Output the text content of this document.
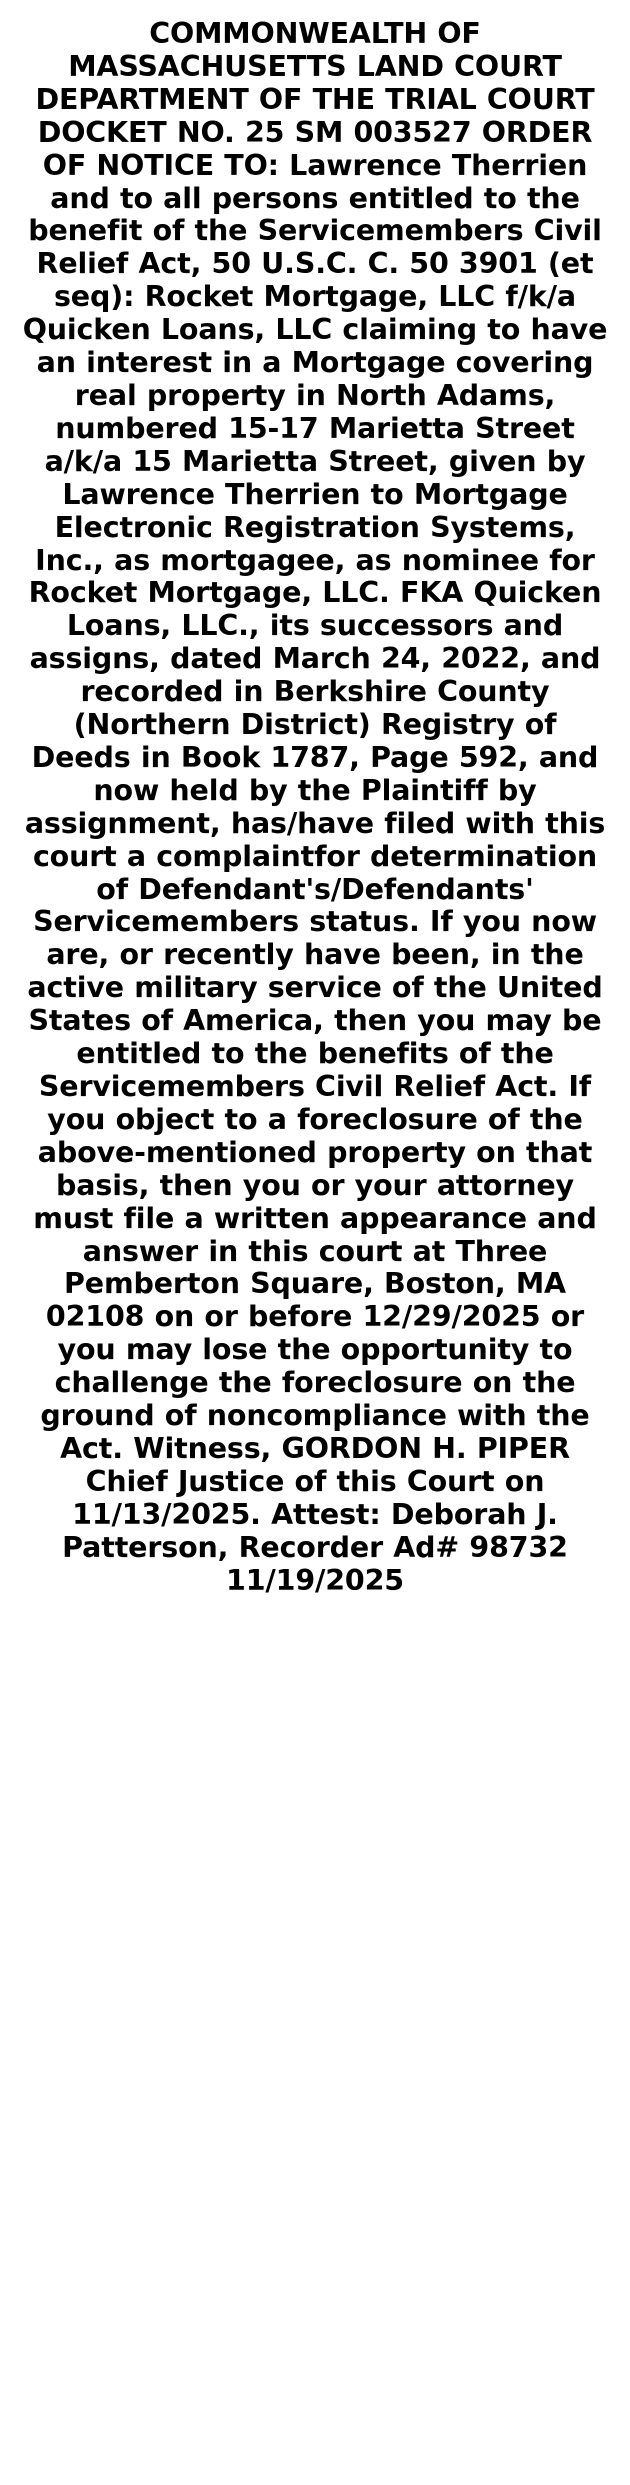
COMMONWEALTH OF MASSACHUSETTS LAND COURT DEPARTMENT OF THE TRIAL COURT DOCKET NO. 25 SM 003527 ORDER OF NOTICE TO: Lawrence Therrien and to all persons entitled to the benefit of the Servicemembers Civil Relief Act, 50 U.S.C. C. 50 3901 (et seq): Rocket Mortgage, LLC f/k/a Quicken Loans, LLC claiming to have an interest in a Mortgage covering real property in North Adams, numbered 15-17 Marietta Street a/k/a 15 Marietta Street, given by Lawrence Therrien to Mortgage Electronic Registration Systems, Inc., as mortgagee, as nominee for Rocket Mortgage, LLC. FKA Quicken Loans, LLC., its successors and assigns, dated March 24, 2022, and recorded in Berkshire County (Northern District) Registry of Deeds in Book 1787, Page 592, and now held by the Plaintiff by assignment, has/have filed with this court a complaintfor determination of Defendant's/Defendants' Servicemembers status. If you now are, or recently have been, in the active military service of the United States of America, then you may be entitled to the benefits of the Servicemembers Civil Relief Act. If you object to a foreclosure of the above-mentioned property on that basis, then you or your attorney must file a written appearance and answer in this court at Three Pemberton Square, Boston, MA 02108 on or before 12/29/2025 or you may lose the opportunity to challenge the foreclosure on the ground of noncompliance with the Act. Witness, GORDON H. PIPER Chief Justice of this Court on 11/13/2025. Attest: Deborah J. Patterson, Recorder Ad# 98732 11/19/2025
